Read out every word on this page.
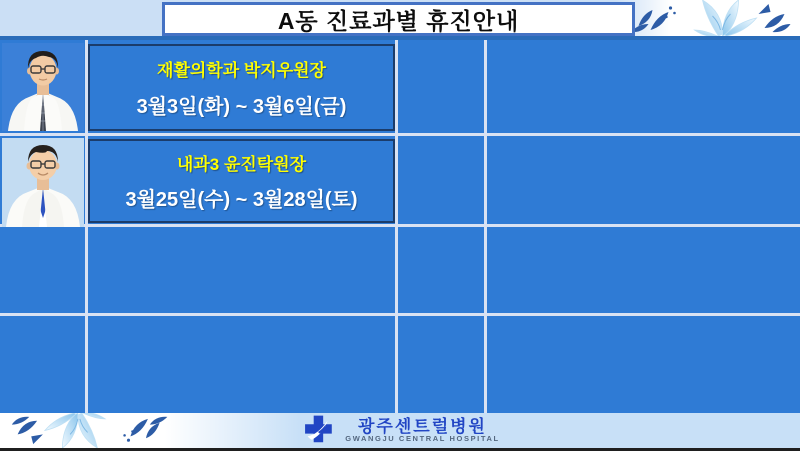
A동 진료과별 휴진안내
재활의학과 박지우원장
3월3일(화) ~ 3월6일(금)
내과3 윤진탁원장
3월25일(수) ~ 3월28일(토)
광주센트럴병원
GWANGJU CENTRAL HOSPITAL
